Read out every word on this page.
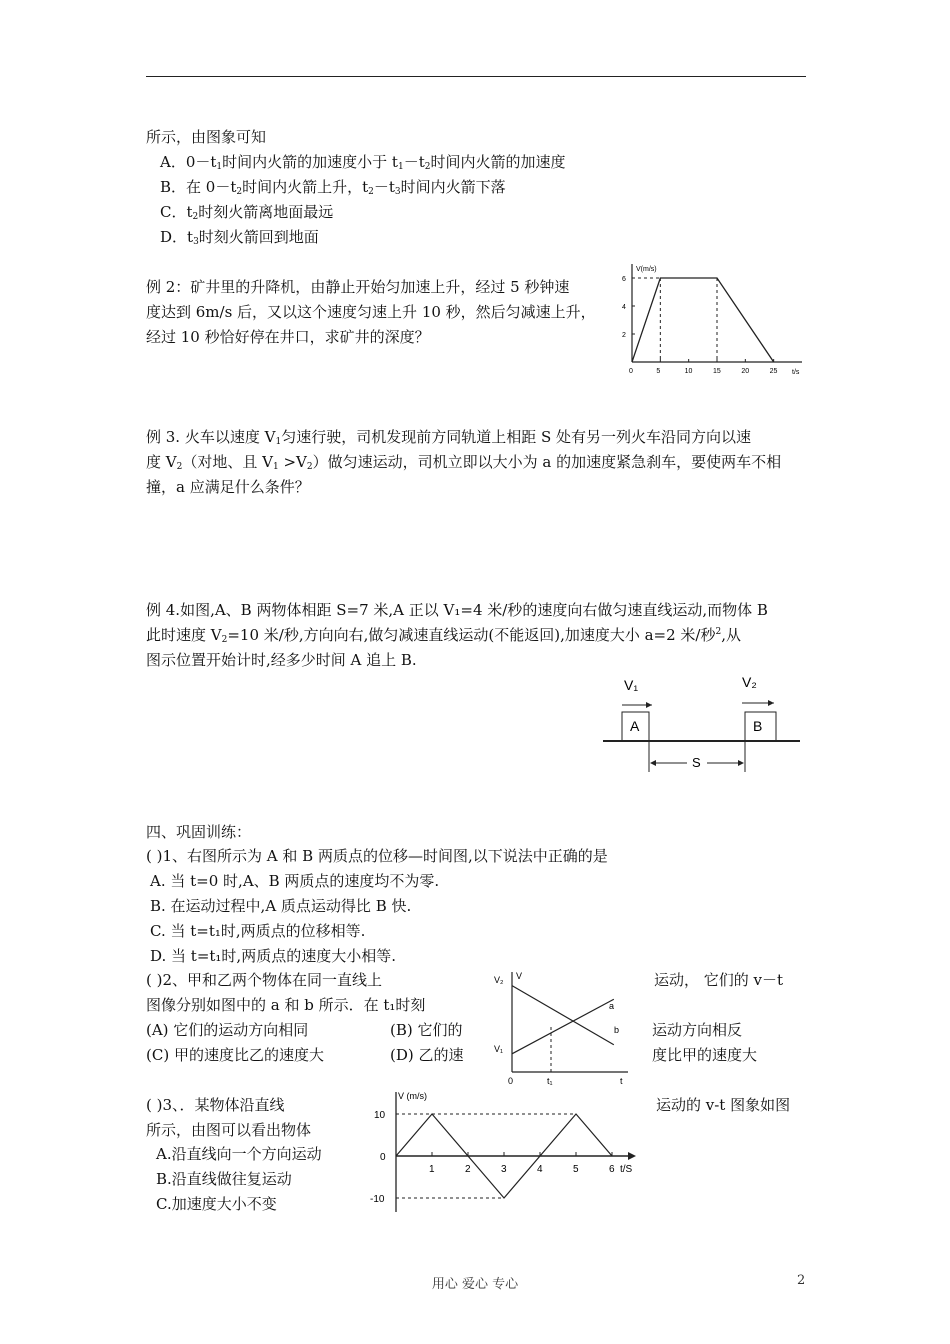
所示，由图象可知
A．$0-t_1$时间内火箭的加速度小于 $t_1-t_2$时间内火箭的加速度
B．在 $0-t_2$时间内火箭上升，$t_2-t_3$时间内火箭下落
C．$t_2$时刻火箭离地面最远
D．$t_3$时刻火箭回到地面
例 2：矿井里的升降机，由静止开始匀加速上升，经过 5 秒钟速
度达到 6m/s 后，又以这个速度匀速上升 10 秒，然后匀减速上升，
经过 10 秒恰好停在井口，求矿井的深度？
V(m/s)
t/s
0	5	10	15	20	25
2
4
6
例 3. 火车以速度 $V_1$匀速行驶，司机发现前方同轨道上相距 S 处有另一列火车沿同方向以速
度 $V_2$（对地、且 $V_1 >V_2$）做匀速运动，司机立即以大小为 a 的加速度紧急刹车，要使两车不相
撞，a 应满足什么条件？
例 4.如图,A、B 两物体相距 S=7 米,A 正以 V₁=4 米/秒的速度向右做匀速直线运动,而物体 B
此时速度 $V_2=10$ 米/秒,方向向右,做匀减速直线运动(不能返回),加速度大小 a=2 米/秒$^2$,从
图示位置开始计时,经多少时间 A 追上 B.
V₁	V₂
A	B
S
四、巩固训练：
( )1、右图所示为 A 和 B 两质点的位移—时间图,以下说法中正确的是
A. 当 t=0 时,A、B 两质点的速度均不为零.
B. 在运动过程中,A 质点运动得比 B 快.
C. 当 t=t₁时,两质点的位移相等.
D. 当 t=t₁时,两质点的速度大小相等.
( )2、甲和乙两个物体在同一直线上	运动， 它们的 v－t
图像分别如图中的 a 和 b 所示．在 t₁时刻
(A) 它们的运动方向相同	(B) 它们的	运动方向相反
(C) 甲的速度比乙的速度大	(D) 乙的速	度比甲的速度大
V
V₂
V₁
0	t₁	t
a
b
( )3、．某物体沿直线	运动的 v-t 图象如图
所示，由图可以看出物体
A.沿直线向一个方向运动
B.沿直线做往复运动
C.加速度大小不变
V (m/s)
t/S
1	2	3	4	5	6
10
0
-10
用心 爱心 专心	2
